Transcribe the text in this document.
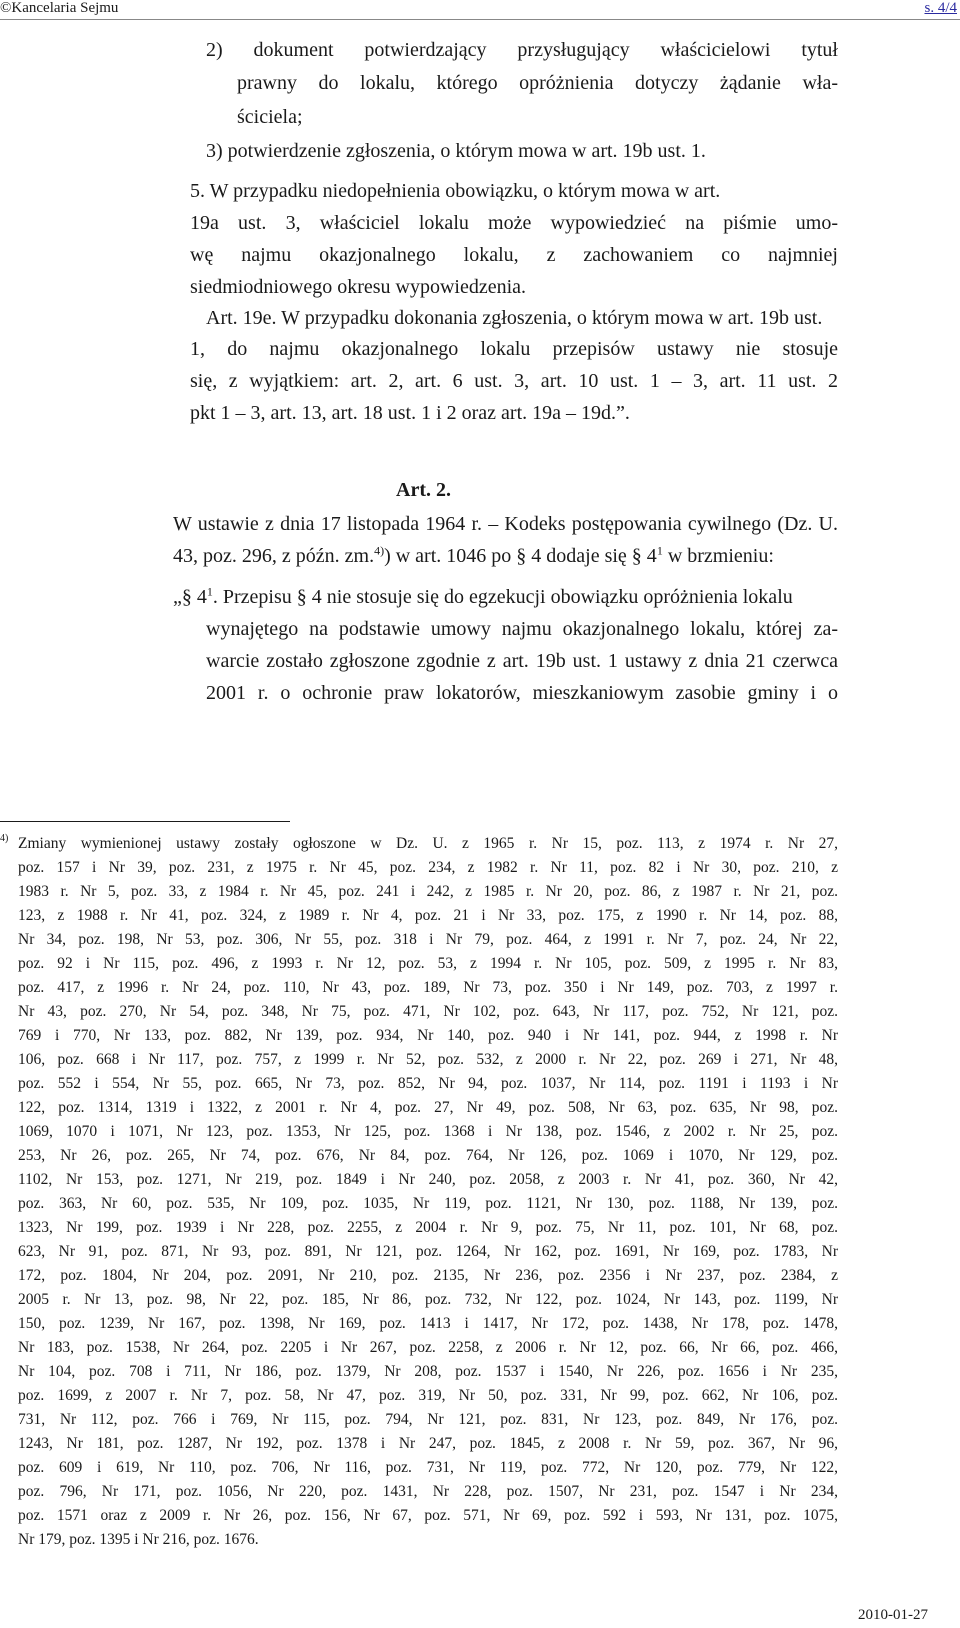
©Kancelaria Sejmu	s. 4/4
2) dokument potwierdzający przysługujący właścicielowi tytuł
prawny do lokalu, którego opróżnienia dotyczy żądanie wła-
ściciela;
3) potwierdzenie zgłoszenia, o którym mowa w art. 19b ust. 1.
5. W przypadku niedopełnienia obowiązku, o którym mowa w art.
19a ust. 3, właściciel lokalu może wypowiedzieć na piśmie umo-
wę najmu okazjonalnego lokalu, z zachowaniem co najmniej
siedmiodniowego okresu wypowiedzenia.
Art. 19e. W przypadku dokonania zgłoszenia, o którym mowa w art. 19b ust.
1, do najmu okazjonalnego lokalu przepisów ustawy nie stosuje
się, z wyjątkiem: art. 2, art. 6 ust. 3, art. 10 ust. 1 – 3, art. 11 ust. 2
pkt 1 – 3, art. 13, art. 18 ust. 1 i 2 oraz art. 19a – 19d.”.
Art. 2.
W ustawie z dnia 17 listopada 1964 r. – Kodeks postępowania cywilnego (Dz. U.
43, poz. 296, z późn. zm.$^{4)}$) w art. 1046 po § 4 dodaje się § $4^1$ w brzmieniu:
„§ $4^1$. Przepisu § 4 nie stosuje się do egzekucji obowiązku opróżnienia lokalu
wynajętego na podstawie umowy najmu okazjonalnego lokalu, której za-
warcie zostało zgłoszone zgodnie z art. 19b ust. 1 ustawy z dnia 21 czerwca
2001 r. o ochronie praw lokatorów, mieszkaniowym zasobie gminy i o
4) Zmiany wymienionej ustawy zostały ogłoszone w Dz. U. z 1965 r. Nr 15, poz. 113, z 1974 r. Nr 27,
poz. 157 i Nr 39, poz. 231, z 1975 r. Nr 45, poz. 234, z 1982 r. Nr 11, poz. 82 i Nr 30, poz. 210, z
1983 r. Nr 5, poz. 33, z 1984 r. Nr 45, poz. 241 i 242, z 1985 r. Nr 20, poz. 86, z 1987 r. Nr 21, poz.
123, z 1988 r. Nr 41, poz. 324, z 1989 r. Nr 4, poz. 21 i Nr 33, poz. 175, z 1990 r. Nr 14, poz. 88,
Nr 34, poz. 198, Nr 53, poz. 306, Nr 55, poz. 318 i Nr 79, poz. 464, z 1991 r. Nr 7, poz. 24, Nr 22,
poz. 92 i Nr 115, poz. 496, z 1993 r. Nr 12, poz. 53, z 1994 r. Nr 105, poz. 509, z 1995 r. Nr 83,
poz. 417, z 1996 r. Nr 24, poz. 110, Nr 43, poz. 189, Nr 73, poz. 350 i Nr 149, poz. 703, z 1997 r.
Nr 43, poz. 270, Nr 54, poz. 348, Nr 75, poz. 471, Nr 102, poz. 643, Nr 117, poz. 752, Nr 121, poz.
769 i 770, Nr 133, poz. 882, Nr 139, poz. 934, Nr 140, poz. 940 i Nr 141, poz. 944, z 1998 r. Nr
106, poz. 668 i Nr 117, poz. 757, z 1999 r. Nr 52, poz. 532, z 2000 r. Nr 22, poz. 269 i 271, Nr 48,
poz. 552 i 554, Nr 55, poz. 665, Nr 73, poz. 852, Nr 94, poz. 1037, Nr 114, poz. 1191 i 1193 i Nr
122, poz. 1314, 1319 i 1322, z 2001 r. Nr 4, poz. 27, Nr 49, poz. 508, Nr 63, poz. 635, Nr 98, poz.
1069, 1070 i 1071, Nr 123, poz. 1353, Nr 125, poz. 1368 i Nr 138, poz. 1546, z 2002 r. Nr 25, poz.
253, Nr 26, poz. 265, Nr 74, poz. 676, Nr 84, poz. 764, Nr 126, poz. 1069 i 1070, Nr 129, poz.
1102, Nr 153, poz. 1271, Nr 219, poz. 1849 i Nr 240, poz. 2058, z 2003 r. Nr 41, poz. 360, Nr 42,
poz. 363, Nr 60, poz. 535, Nr 109, poz. 1035, Nr 119, poz. 1121, Nr 130, poz. 1188, Nr 139, poz.
1323, Nr 199, poz. 1939 i Nr 228, poz. 2255, z 2004 r. Nr 9, poz. 75, Nr 11, poz. 101, Nr 68, poz.
623, Nr 91, poz. 871, Nr 93, poz. 891, Nr 121, poz. 1264, Nr 162, poz. 1691, Nr 169, poz. 1783, Nr
172, poz. 1804, Nr 204, poz. 2091, Nr 210, poz. 2135, Nr 236, poz. 2356 i Nr 237, poz. 2384, z
2005 r. Nr 13, poz. 98, Nr 22, poz. 185, Nr 86, poz. 732, Nr 122, poz. 1024, Nr 143, poz. 1199, Nr
150, poz. 1239, Nr 167, poz. 1398, Nr 169, poz. 1413 i 1417, Nr 172, poz. 1438, Nr 178, poz. 1478,
Nr 183, poz. 1538, Nr 264, poz. 2205 i Nr 267, poz. 2258, z 2006 r. Nr 12, poz. 66, Nr 66, poz. 466,
Nr 104, poz. 708 i 711, Nr 186, poz. 1379, Nr 208, poz. 1537 i 1540, Nr 226, poz. 1656 i Nr 235,
poz. 1699, z 2007 r. Nr 7, poz. 58, Nr 47, poz. 319, Nr 50, poz. 331, Nr 99, poz. 662, Nr 106, poz.
731, Nr 112, poz. 766 i 769, Nr 115, poz. 794, Nr 121, poz. 831, Nr 123, poz. 849, Nr 176, poz.
1243, Nr 181, poz. 1287, Nr 192, poz. 1378 i Nr 247, poz. 1845, z 2008 r. Nr 59, poz. 367, Nr 96,
poz. 609 i 619, Nr 110, poz. 706, Nr 116, poz. 731, Nr 119, poz. 772, Nr 120, poz. 779, Nr 122,
poz. 796, Nr 171, poz. 1056, Nr 220, poz. 1431, Nr 228, poz. 1507, Nr 231, poz. 1547 i Nr 234,
poz. 1571 oraz z 2009 r. Nr 26, poz. 156, Nr 67, poz. 571, Nr 69, poz. 592 i 593, Nr 131, poz. 1075,
Nr 179, poz. 1395 i Nr 216, poz. 1676.
2010-01-27
